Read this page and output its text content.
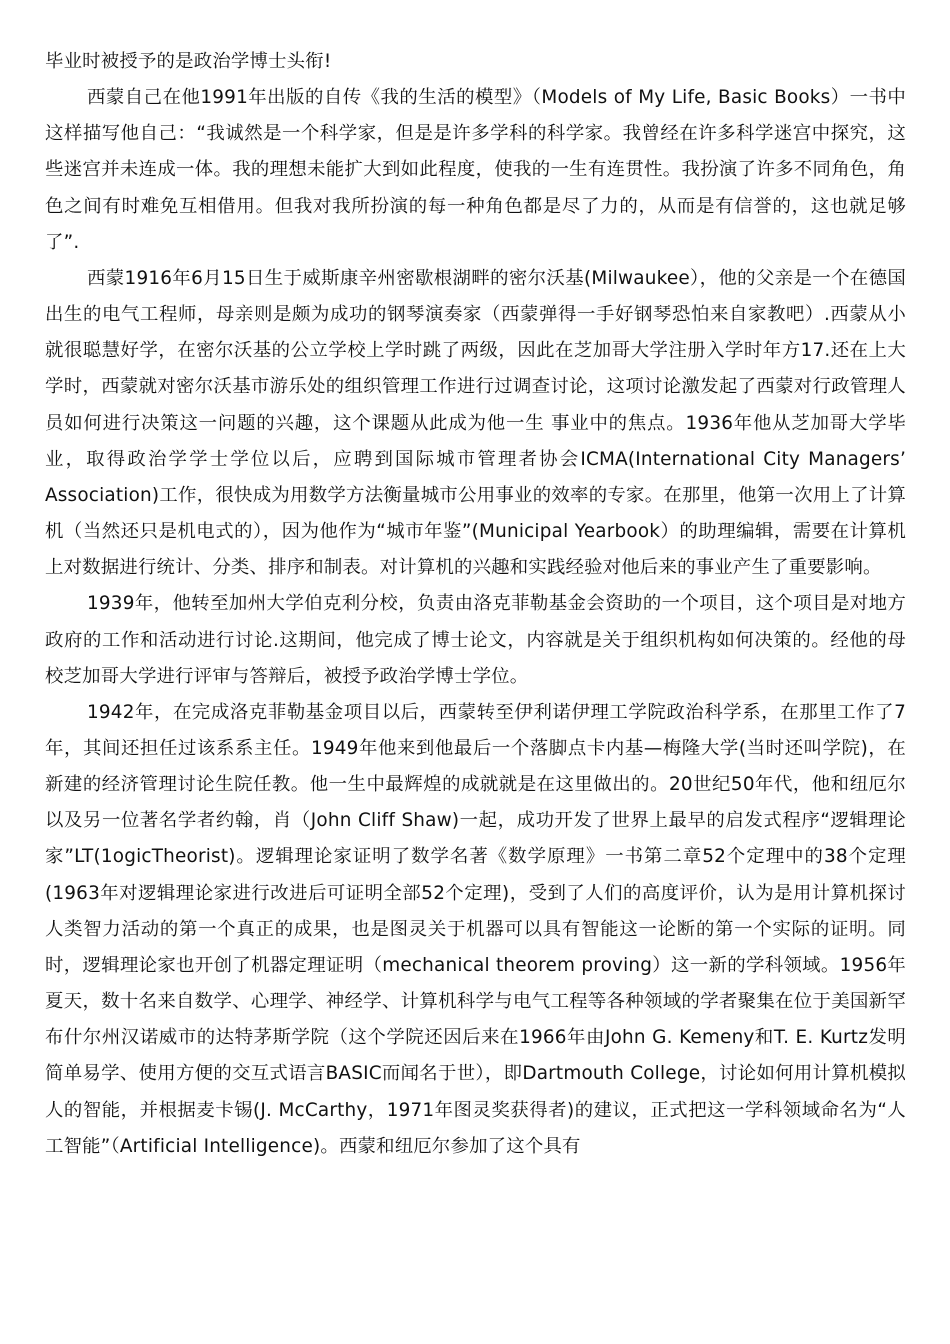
毕业时被授予的是政治学博士头衔!

西蒙自己在他1991年出版的自传《我的生活的模型》（Models of My Life, Basic Books）一书中这样描写他自己：“我诚然是一个科学家，但是是许多学科的科学家。我曾经在许多科学迷宫中探究，这些迷宫并未连成一体。我的理想未能扩大到如此程度，使我的一生有连贯性。我扮演了许多不同角色，角色之间有时难免互相借用。但我对我所扮演的每一种角色都是尽了力的，从而是有信誉的，这也就足够了”.

西蒙1916年6月15日生于威斯康辛州密歇根湖畔的密尔沃基(Milwaukee），他的父亲是一个在德国出生的电气工程师，母亲则是颇为成功的钢琴演奏家（西蒙弹得一手好钢琴恐怕来自家教吧）.西蒙从小就很聪慧好学，在密尔沃基的公立学校上学时跳了两级，因此在芝加哥大学注册入学时年方17.还在上大学时，西蒙就对密尔沃基市游乐处的组织管理工作进行过调查讨论，这项讨论激发起了西蒙对行政管理人员如何进行决策这一问题的兴趣，这个课题从此成为他一生 事业中的焦点。1936年他从芝加哥大学毕业，取得政治学学士学位以后，应聘到国际城市管理者协会ICMA(International City Managers’ Association)工作，很快成为用数学方法衡量城市公用事业的效率的专家。在那里，他第一次用上了计算机（当然还只是机电式的），因为他作为“城市年鉴”(Municipal Yearbook）的助理编辑，需要在计算机上对数据进行统计、分类、排序和制表。对计算机的兴趣和实践经验对他后来的事业产生了重要影响。

1939年，他转至加州大学伯克利分校，负责由洛克菲勒基金会资助的一个项目，这个项目是对地方政府的工作和活动进行讨论.这期间，他完成了博士论文，内容就是关于组织机构如何决策的。经他的母校芝加哥大学进行评审与答辩后，被授予政治学博士学位。

1942年，在完成洛克菲勒基金项目以后，西蒙转至伊利诺伊理工学院政治科学系，在那里工作了7年，其间还担任过该系系主任。1949年他来到他最后一个落脚点卡内基—梅隆大学(当时还叫学院)，在新建的经济管理讨论生院任教。他一生中最辉煌的成就就是在这里做出的。20世纪50年代，他和纽厄尔以及另一位著名学者约翰，肖（John Cliff Shaw)一起，成功开发了世界上最早的启发式程序“逻辑理论家”LT(1ogicTheorist)。逻辑理论家证明了数学名著《数学原理》一书第二章52个定理中的38个定理(1963年对逻辑理论家进行改进后可证明全部52个定理)，受到了人们的高度评价，认为是用计算机探讨人类智力活动的第一个真正的成果，也是图灵关于机器可以具有智能这一论断的第一个实际的证明。同时，逻辑理论家也开创了机器定理证明（mechanical theorem proving）这一新的学科领域。1956年夏天，数十名来自数学、心理学、神经学、计算机科学与电气工程等各种领域的学者聚集在位于美国新罕布什尔州汉诺威市的达特茅斯学院（这个学院还因后来在1966年由John G. Kemeny和T. E. Kurtz发明简单易学、使用方便的交互式语言BASIC而闻名于世），即Dartmouth College，讨论如何用计算机模拟人的智能，并根据麦卡锡(J. McCarthy，1971年图灵奖获得者)的建议，正式把这一学科领域命名为“人工智能”（Artificial Intelligence)。西蒙和纽厄尔参加了这个具有
